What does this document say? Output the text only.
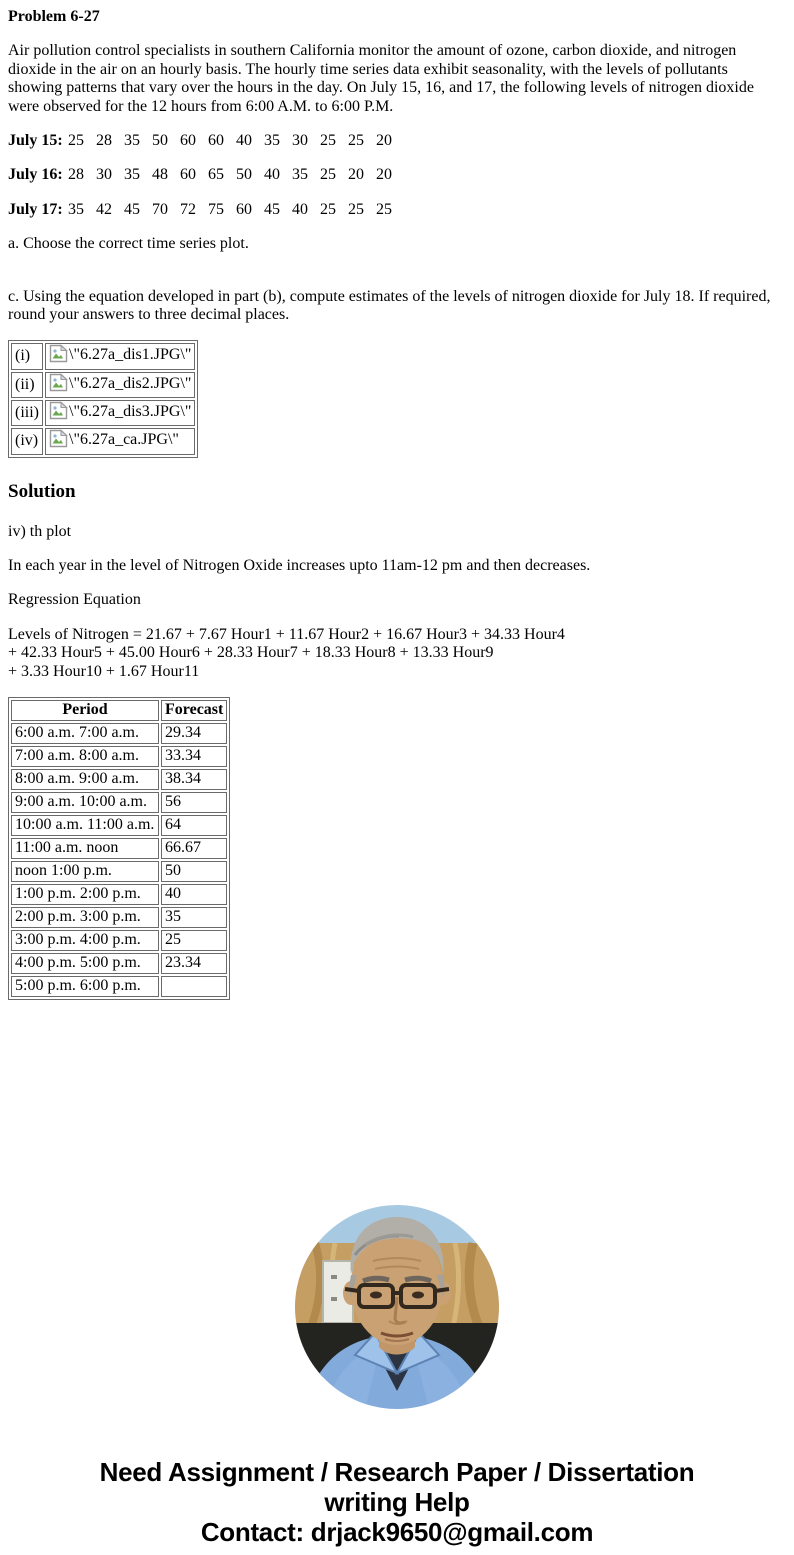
Problem 6-27

Air pollution control specialists in southern California monitor the amount of ozone, carbon dioxide, and nitrogen dioxide in the air on an hourly basis. The hourly time series data exhibit seasonality, with the levels of pollutants showing patterns that vary over the hours in the day. On July 15, 16, and 17, the following levels of nitrogen dioxide were observed for the 12 hours from 6:00 A.M. to 6:00 P.M.

July 15: 25 28 35 50 60 60 40 35 30 25 25 20

July 16: 28 30 35 48 60 65 50 40 35 25 20 20

July 17: 35 42 45 70 72 75 60 45 40 25 25 25

a. Choose the correct time series plot.

c. Using the equation developed in part (b), compute estimates of the levels of nitrogen dioxide for July 18. If required, round your answers to three decimal places.

(i)	\"6.27a_dis1.JPG\"
(ii)	\"6.27a_dis2.JPG\"
(iii)	\"6.27a_dis3.JPG\"
(iv)	\"6.27a_ca.JPG\"
Solution

iv) th plot

In each year in the level of Nitrogen Oxide increases upto 11am-12 pm and then decreases.

Regression Equation

Levels of Nitrogen = 21.67 + 7.67 Hour1 + 11.67 Hour2 + 16.67 Hour3 + 34.33 Hour4
+ 42.33 Hour5 + 45.00 Hour6 + 28.33 Hour7 + 18.33 Hour8 + 13.33 Hour9
+ 3.33 Hour10 + 1.67 Hour11

Period	Forecast
6:00 a.m. 7:00 a.m.	29.34
7:00 a.m. 8:00 a.m.	33.34
8:00 a.m. 9:00 a.m.	38.34
9:00 a.m. 10:00 a.m.	56
10:00 a.m. 11:00 a.m.	64
11:00 a.m. noon	66.67
noon 1:00 p.m.	50
1:00 p.m. 2:00 p.m.	40
2:00 p.m. 3:00 p.m.	35
3:00 p.m. 4:00 p.m.	25
4:00 p.m. 5:00 p.m.	23.34
5:00 p.m. 6:00 p.m.	
Need Assignment / Research Paper / Dissertation
writing Help
Contact: drjack9650@gmail.com
